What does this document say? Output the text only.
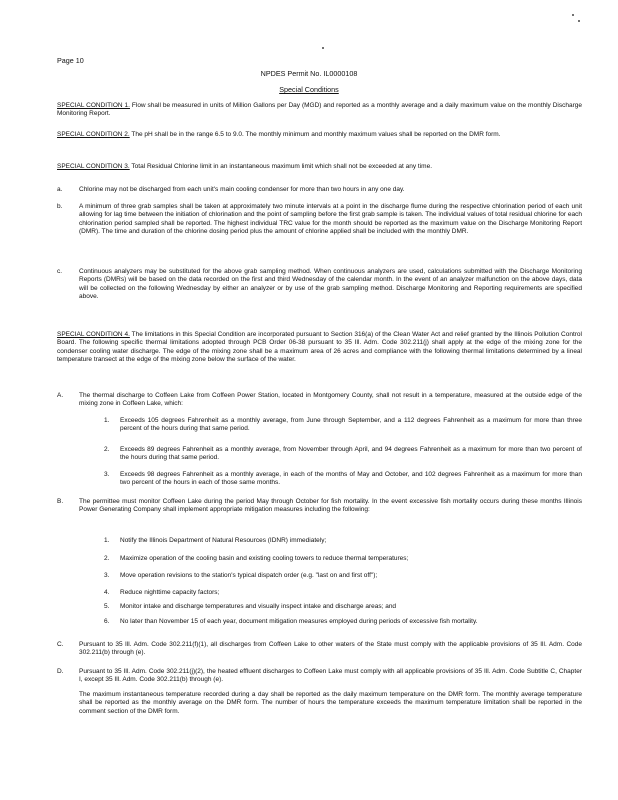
Page 10
NPDES Permit No. IL0000108
Special Conditions
SPECIAL CONDITION 1. Flow shall be measured in units of Million Gallons per Day (MGD) and reported as a monthly average and a daily maximum value on the monthly Discharge Monitoring Report.
SPECIAL CONDITION 2. The pH shall be in the range 6.5 to 9.0. The monthly minimum and monthly maximum values shall be reported on the DMR form.
SPECIAL CONDITION 3. Total Residual Chlorine limit in an instantaneous maximum limit which shall not be exceeded at any time.
a.	Chlorine may not be discharged from each unit's main cooling condenser for more than two hours in any one day.
b.	A minimum of three grab samples shall be taken at approximately two minute intervals at a point in the discharge flume during the respective chlorination period of each unit allowing for lag time between the initiation of chlorination and the point of sampling before the first grab sample is taken. The individual values of total residual chlorine for each chlorination period sampled shall be reported. The highest individual TRC value for the month should be reported as the maximum value on the Discharge Monitoring Report (DMR). The time and duration of the chlorine dosing period plus the amount of chlorine applied shall be included with the monthly DMR.
c.	Continuous analyzers may be substituted for the above grab sampling method. When continuous analyzers are used, calculations submitted with the Discharge Monitoring Reports (DMRs) will be based on the data recorded on the first and third Wednesday of the calendar month. In the event of an analyzer malfunction on the above days, data will be collected on the following Wednesday by either an analyzer or by use of the grab sampling method. Discharge Monitoring and Reporting requirements are specified above.
SPECIAL CONDITION 4. The limitations in this Special Condition are incorporated pursuant to Section 316(a) of the Clean Water Act and relief granted by the Illinois Pollution Control Board. The following specific thermal limitations adopted through PCB Order 06-38 pursuant to 35 Ill. Adm. Code 302.211(j) shall apply at the edge of the mixing zone for the condenser cooling water discharge. The edge of the mixing zone shall be a maximum area of 26 acres and compliance with the following thermal limitations determined by a lineal temperature transect at the edge of the mixing zone below the surface of the water.
A.	The thermal discharge to Coffeen Lake from Coffeen Power Station, located in Montgomery County, shall not result in a temperature, measured at the outside edge of the mixing zone in Coffeen Lake, which:
1.	Exceeds 105 degrees Fahrenheit as a monthly average, from June through September, and a 112 degrees Fahrenheit as a maximum for more than three percent of the hours during that same period.
2.	Exceeds 89 degrees Fahrenheit as a monthly average, from November through April, and 94 degrees Fahrenheit as a maximum for more than two percent of the hours during that same period.
3.	Exceeds 98 degrees Fahrenheit as a monthly average, in each of the months of May and October, and 102 degrees Fahrenheit as a maximum for more than two percent of the hours in each of those same months.
B.	The permittee must monitor Coffeen Lake during the period May through October for fish mortality. In the event excessive fish mortality occurs during these months Illinois Power Generating Company shall implement appropriate mitigation measures including the following:
1.	Notify the Illinois Department of Natural Resources (IDNR) immediately;
2.	Maximize operation of the cooling basin and existing cooling towers to reduce thermal temperatures;
3.	Move operation revisions to the station's typical dispatch order (e.g. "last on and first off");
4.	Reduce nighttime capacity factors;
5.	Monitor intake and discharge temperatures and visually inspect intake and discharge areas; and
6.	No later than November 15 of each year, document mitigation measures employed during periods of excessive fish mortality.
C.	Pursuant to 35 Ill. Adm. Code 302.211(f)(1), all discharges from Coffeen Lake to other waters of the State must comply with the applicable provisions of 35 Ill. Adm. Code 302.211(b) through (e).
D.	Pursuant to 35 Ill. Adm. Code 302.211(j)(2), the heated effluent discharges to Coffeen Lake must comply with all applicable provisions of 35 Ill. Adm. Code Subtitle C, Chapter I, except 35 Ill. Adm. Code 302.211(b) through (e).
The maximum instantaneous temperature recorded during a day shall be reported as the daily maximum temperature on the DMR form. The monthly average temperature shall be reported as the monthly average on the DMR form. The number of hours the temperature exceeds the maximum temperature limitation shall be reported in the comment section of the DMR form.
